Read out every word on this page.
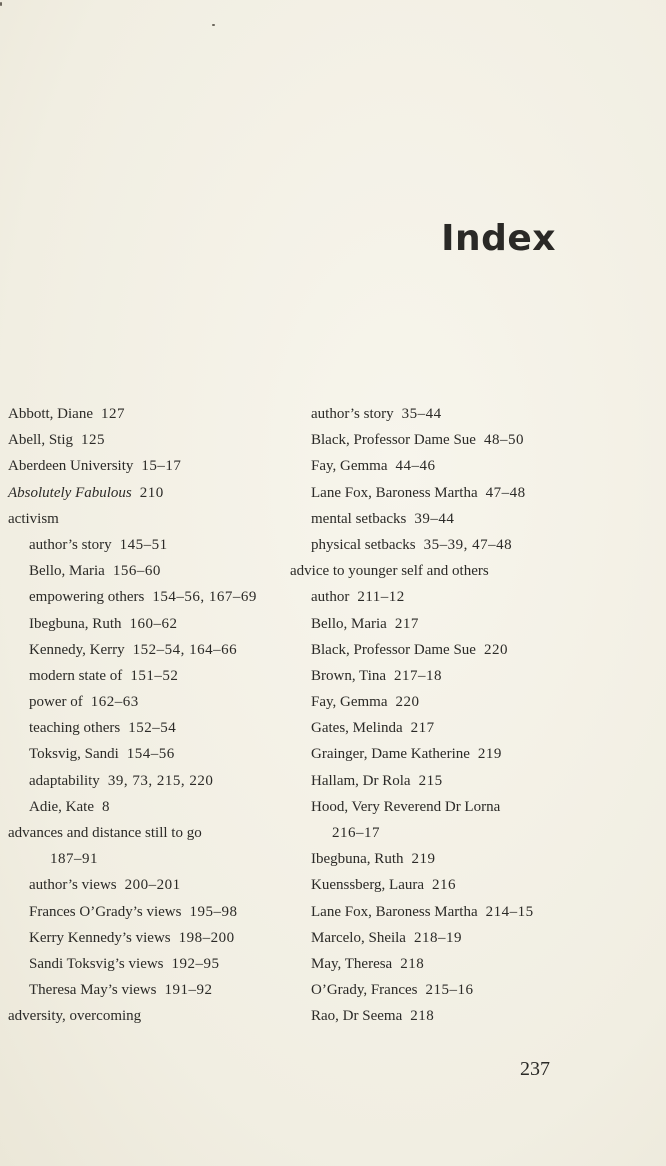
Index
Abbott, Diane 127
Abell, Stig 125
Aberdeen University 15–17
Absolutely Fabulous 210
activism
author’s story 145–51
Bello, Maria 156–60
empowering others 154–56, 167–69
Ibegbuna, Ruth 160–62
Kennedy, Kerry 152–54, 164–66
modern state of 151–52
power of 162–63
teaching others 152–54
Toksvig, Sandi 154–56
adaptability 39, 73, 215, 220
Adie, Kate 8
advances and distance still to go
187–91
author’s views 200–201
Frances O’Grady’s views 195–98
Kerry Kennedy’s views 198–200
Sandi Toksvig’s views 192–95
Theresa May’s views 191–92
adversity, overcoming
author’s story 35–44
Black, Professor Dame Sue 48–50
Fay, Gemma 44–46
Lane Fox, Baroness Martha 47–48
mental setbacks 39–44
physical setbacks 35–39, 47–48
advice to younger self and others
author 211–12
Bello, Maria 217
Black, Professor Dame Sue 220
Brown, Tina 217–18
Fay, Gemma 220
Gates, Melinda 217
Grainger, Dame Katherine 219
Hallam, Dr Rola 215
Hood, Very Reverend Dr Lorna
216–17
Ibegbuna, Ruth 219
Kuenssberg, Laura 216
Lane Fox, Baroness Martha 214–15
Marcelo, Sheila 218–19
May, Theresa 218
O’Grady, Frances 215–16
Rao, Dr Seema 218
237
